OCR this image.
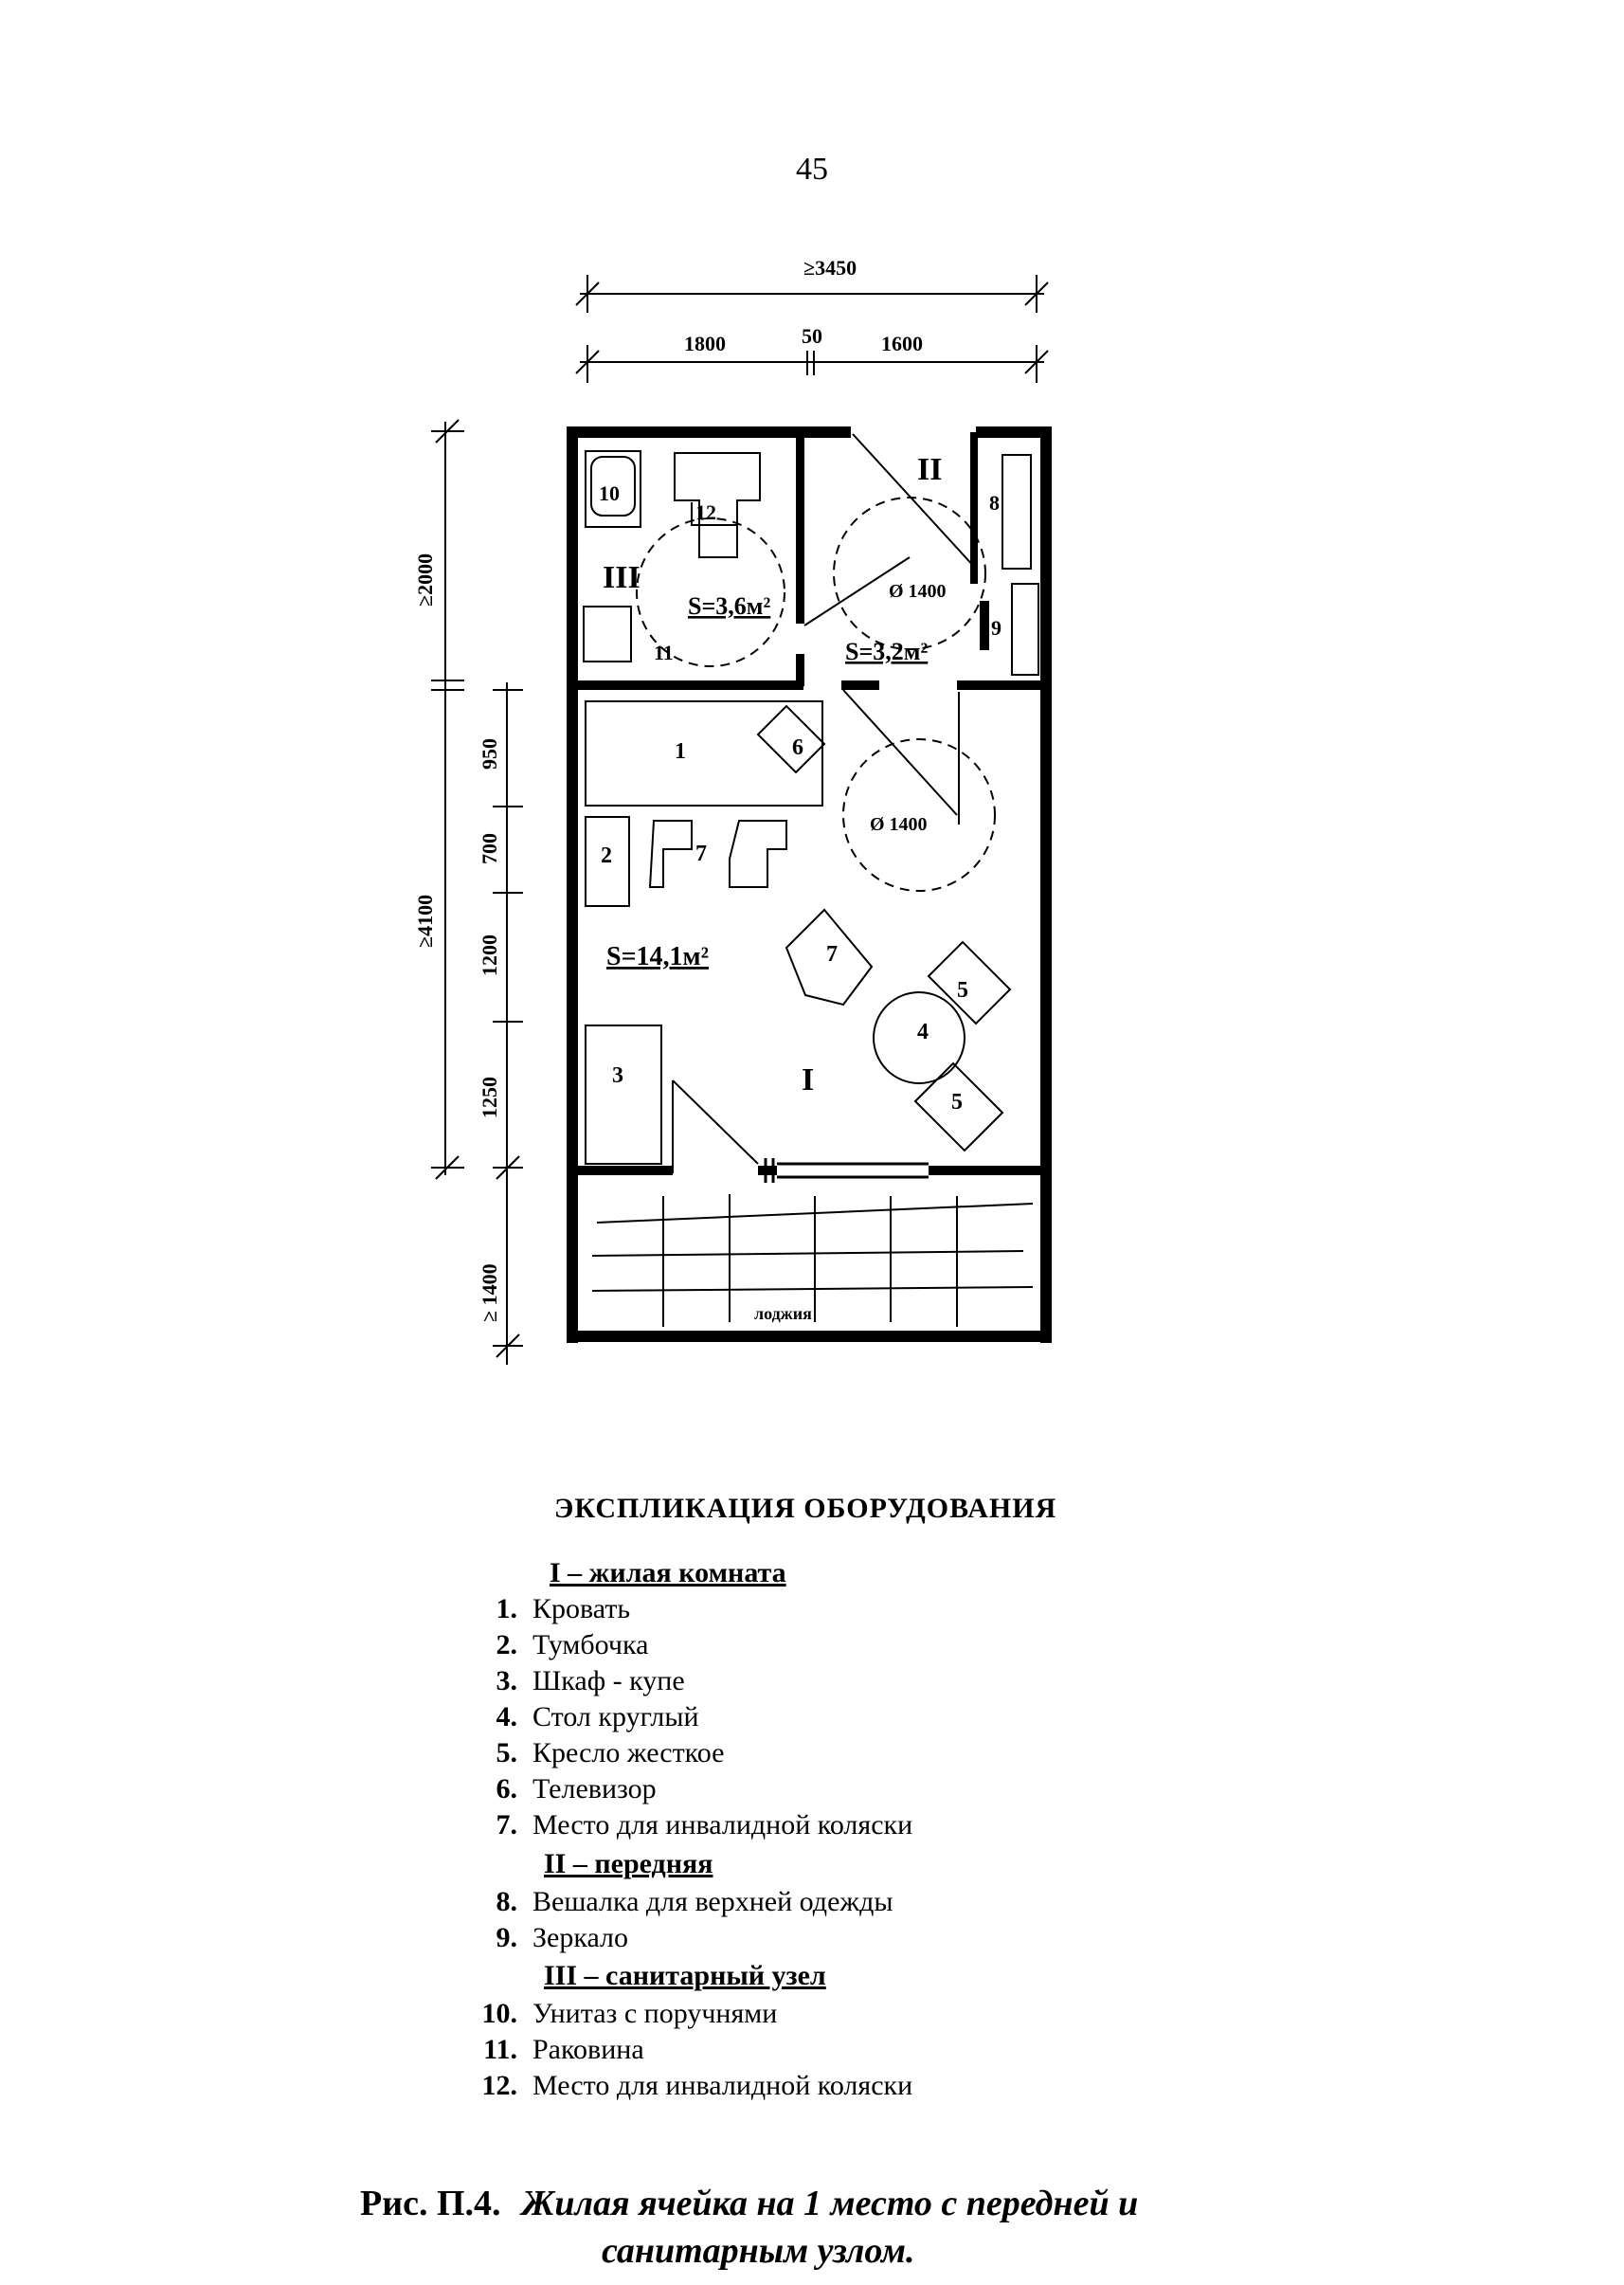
45
≥3450
1800	50	1600
≥2000
≥4100
950
700
1200
1250
≥ 1400	лоджия
10
11
12	8
9
1
2
3
4
5
5
6
7
7
II
III
I
S=3,6м²
S=3,2м²
S=14,1м²
Ø 1400
Ø 1400
ЭКСПЛИКАЦИЯ ОБОРУДОВАНИЯ
I – жилая комната
1. Кровать
2. Тумбочка
3. Шкаф - купе
4. Стол круглый
5. Кресло жесткое
6. Телевизор
7. Место для инвалидной коляски
II – передняя
8. Вешалка для верхней одежды
9. Зеркало
III – санитарный узел
10. Унитаз с поручнями
11. Раковина
12. Место для инвалидной коляски
Рис. П.4. Жилая ячейка на 1 место с передней и
санитарным узлом.
